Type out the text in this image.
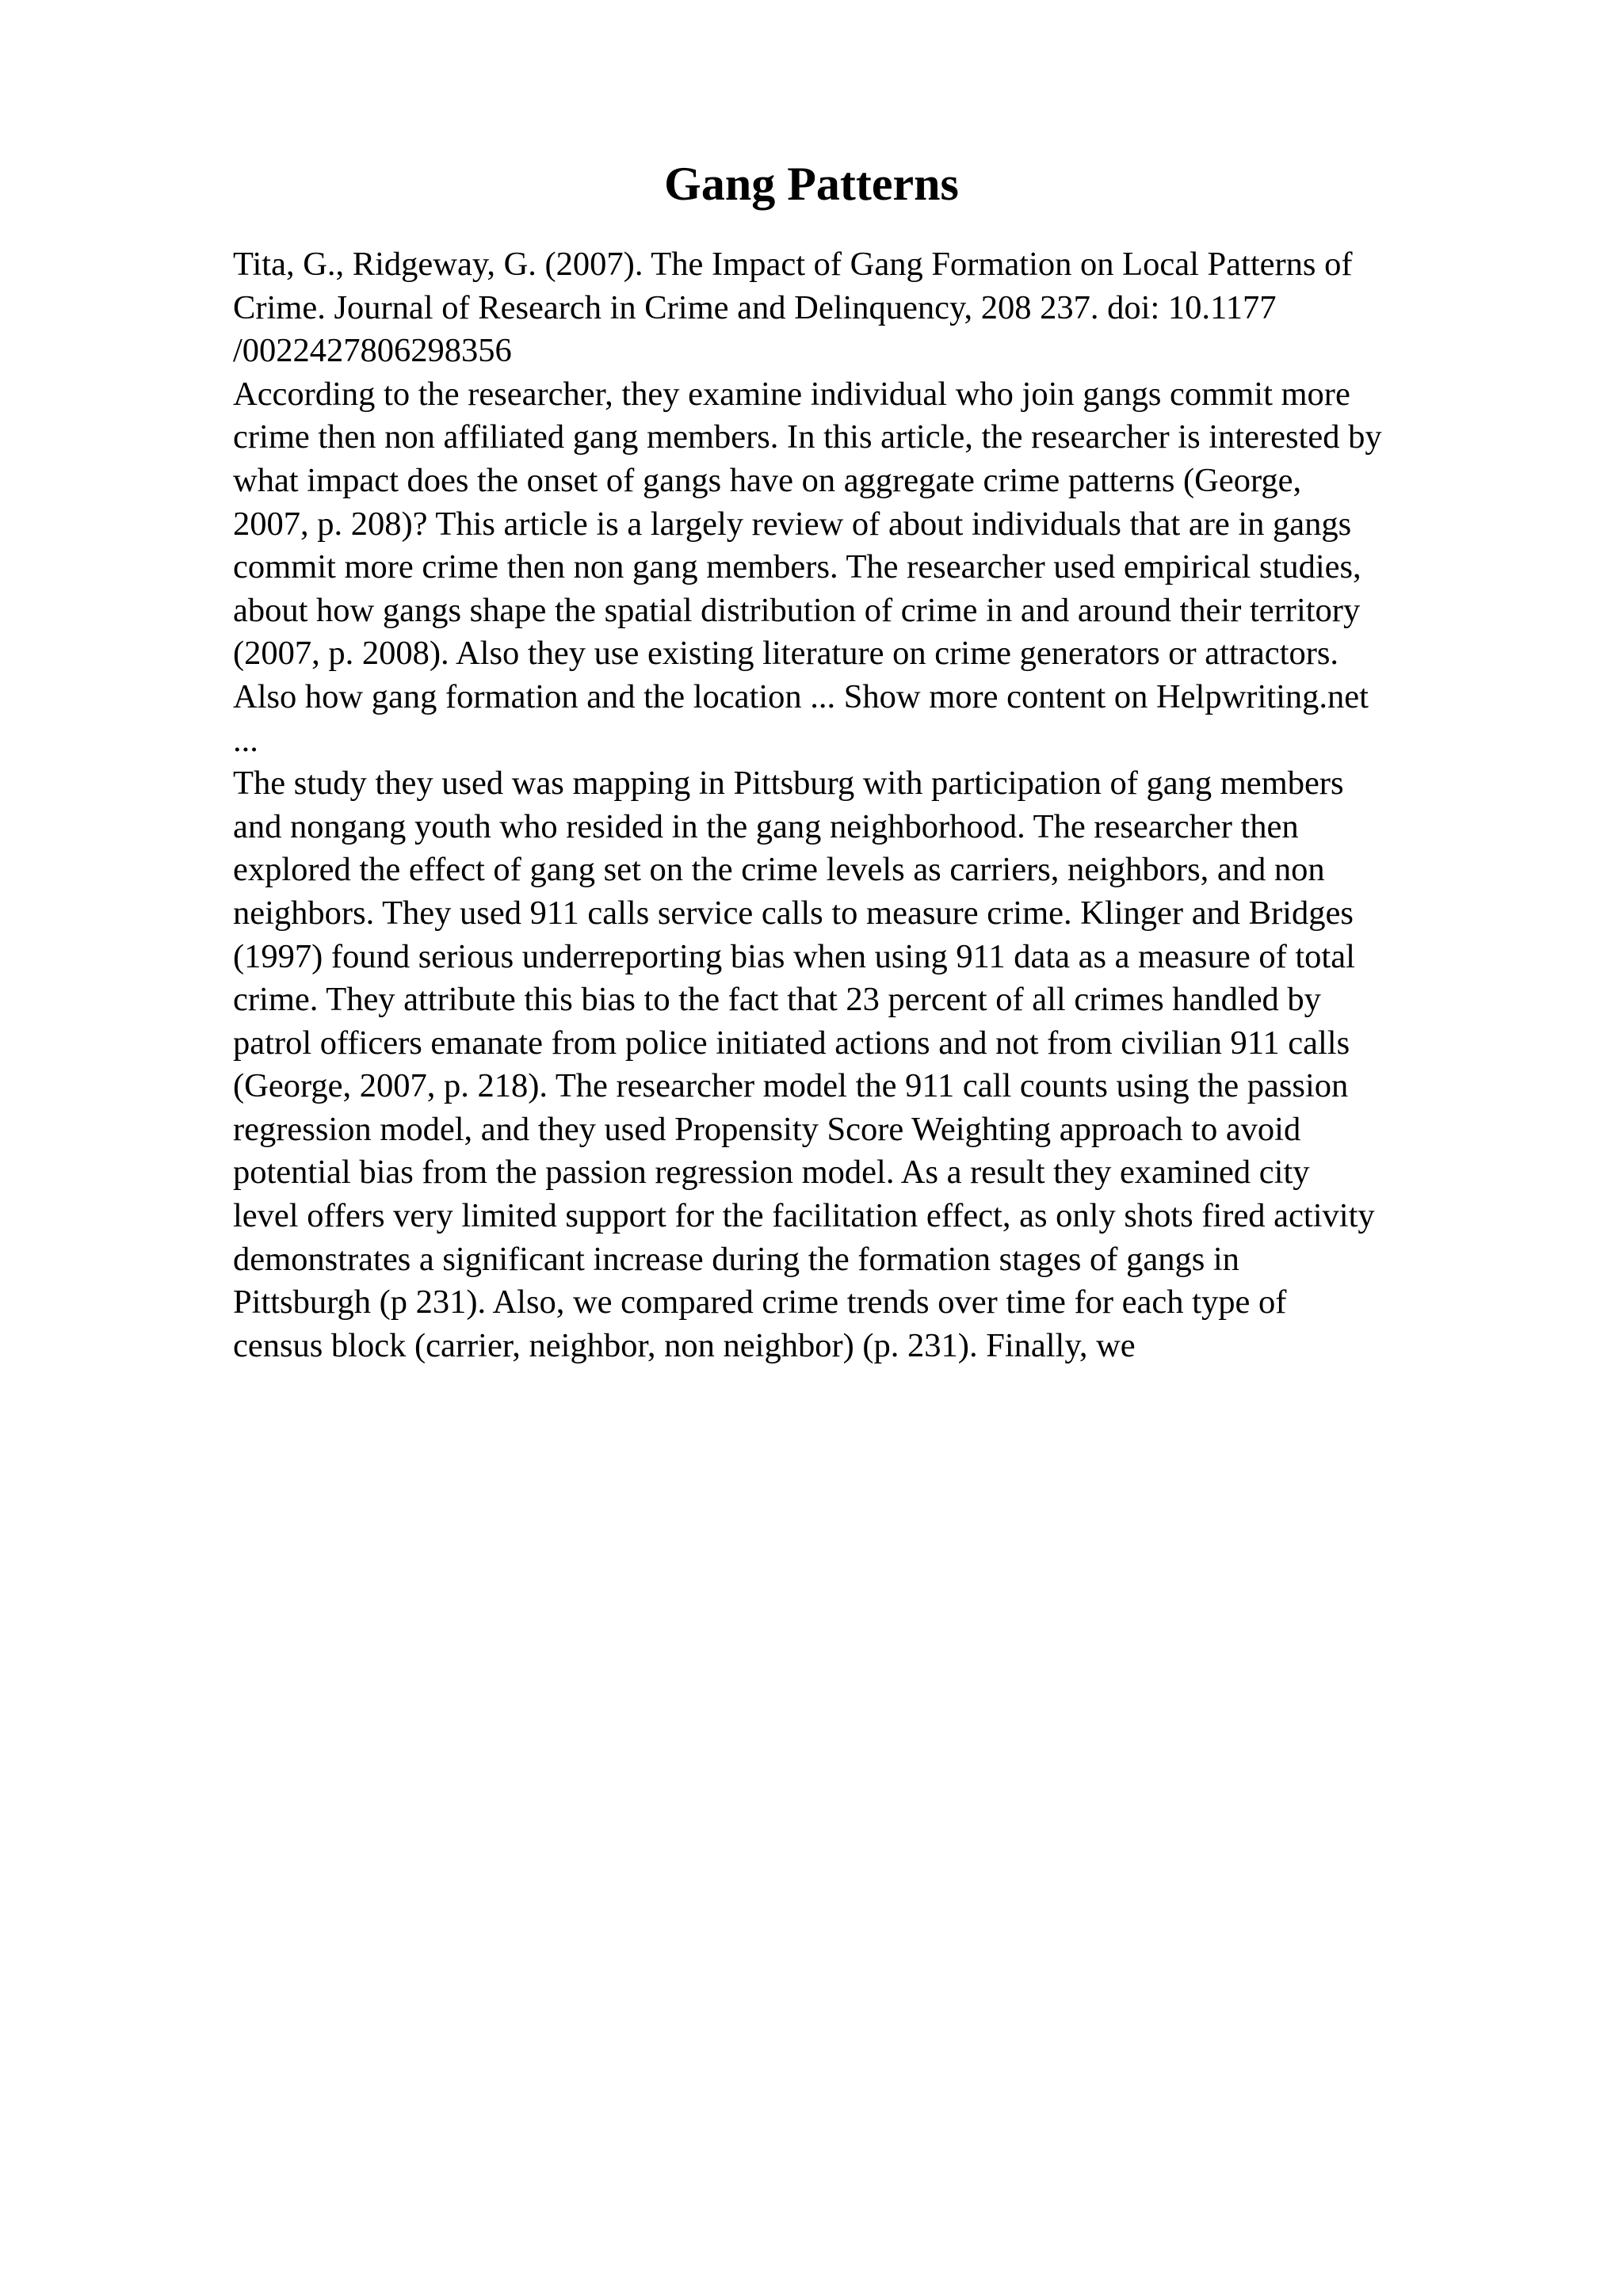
Gang Patterns
Tita, G., Ridgeway, G. (2007). The Impact of Gang Formation on Local Patterns of
Crime. Journal of Research in Crime and Delinquency, 208 237. doi: 10.1177
/0022427806298356
According to the researcher, they examine individual who join gangs commit more
crime then non affiliated gang members. In this article, the researcher is interested by
what impact does the onset of gangs have on aggregate crime patterns (George,
2007, p. 208)? This article is a largely review of about individuals that are in gangs
commit more crime then non gang members. The researcher used empirical studies,
about how gangs shape the spatial distribution of crime in and around their territory
(2007, p. 2008). Also they use existing literature on crime generators or attractors.
Also how gang formation and the location ... Show more content on Helpwriting.net
...
The study they used was mapping in Pittsburg with participation of gang members
and nongang youth who resided in the gang neighborhood. The researcher then
explored the effect of gang set on the crime levels as carriers, neighbors, and non
neighbors. They used 911 calls service calls to measure crime. Klinger and Bridges
(1997) found serious underreporting bias when using 911 data as a measure of total
crime. They attribute this bias to the fact that 23 percent of all crimes handled by
patrol officers emanate from police initiated actions and not from civilian 911 calls
(George, 2007, p. 218). The researcher model the 911 call counts using the passion
regression model, and they used Propensity Score Weighting approach to avoid
potential bias from the passion regression model. As a result they examined city
level offers very limited support for the facilitation effect, as only shots fired activity
demonstrates a significant increase during the formation stages of gangs in
Pittsburgh (p 231). Also, we compared crime trends over time for each type of
census block (carrier, neighbor, non neighbor) (p. 231). Finally, we
